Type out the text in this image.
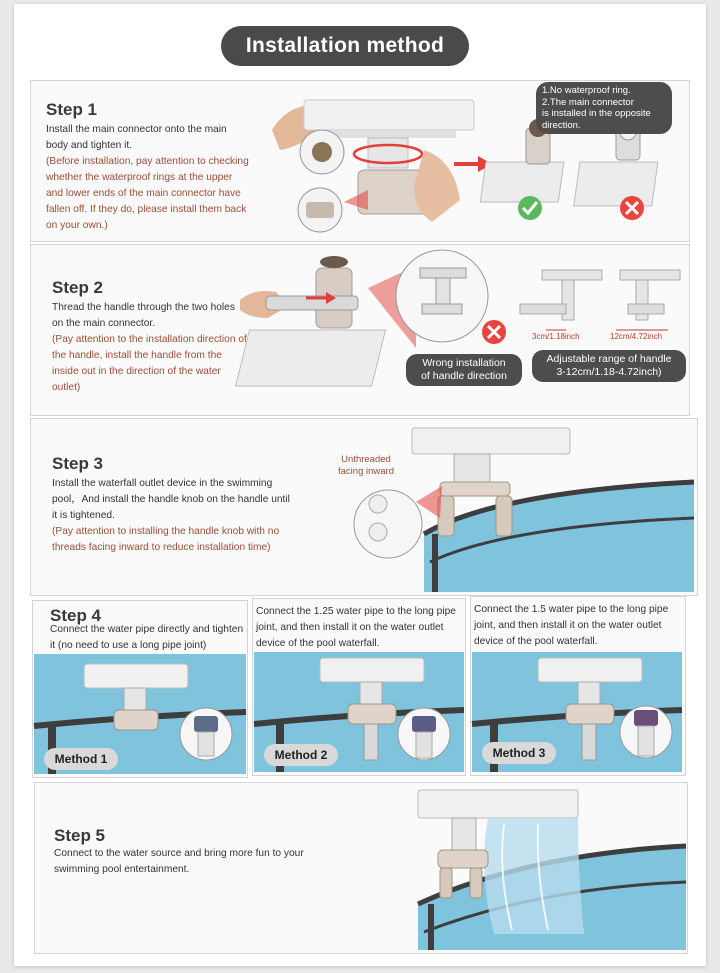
Installation method
Step 1
Install the main connector onto the main body and tighten it.
(Before installation, pay attention to checking whether the waterproof rings at the upper and lower ends of the main connector have fallen off. If they do, please install them back on your own.)
1.No waterproof ring.
2.The main connector
is installed in the opposite
direction.
Step 2
Thread the handle through the two holes on the main connector.
(Pay attention to the installation direction of the handle, install the handle from the inside out in the direction of the water outlet)
3cm/1.18inch	12cm/4.72inch
Wrong installation
of handle direction
Adjustable range of handle
3-12cm/1.18-4.72inch)
Step 3
Install the waterfall outlet device in the swimming pool，And install the handle knob on the handle until it is tightened.
(Pay attention to installing the handle knob with no threads facing inward to reduce installation time)
Unthreaded
facing inward
Step 4
Connect the water pipe directly and tighten it (no need to use a long pipe joint)
Connect the 1.25 water pipe to the long pipe joint, and then install it on the water outlet device of the pool waterfall.
Connect the 1.5 water pipe to the long pipe joint, and then install it on the water outlet device of the pool waterfall.
Method 1	Method 2	Method 3
Step 5
Connect to the water source and bring more fun to your swimming pool entertainment.
